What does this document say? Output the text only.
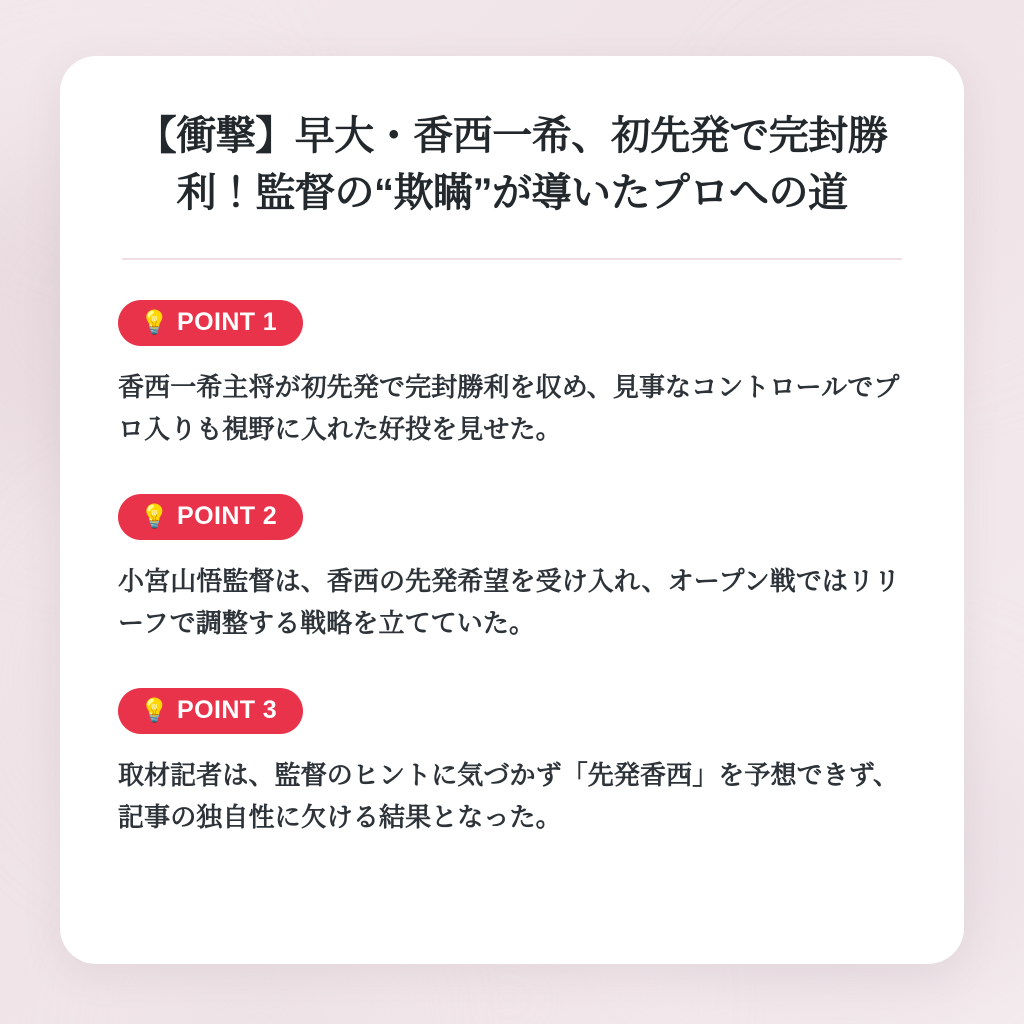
【衝撃】早大・香西一希、初先発で完封勝利！監督の“欺瞞”が導いたプロへの道
💡 POINT 1

香西一希主将が初先発で完封勝利を収め、見事なコントロールでプロ入りも視野に入れた好投を見せた。

💡 POINT 2

小宮山悟監督は、香西の先発希望を受け入れ、オープン戦ではリリーフで調整する戦略を立てていた。

💡 POINT 3

取材記者は、監督のヒントに気づかず「先発香西」を予想できず、記事の独自性に欠ける結果となった。
